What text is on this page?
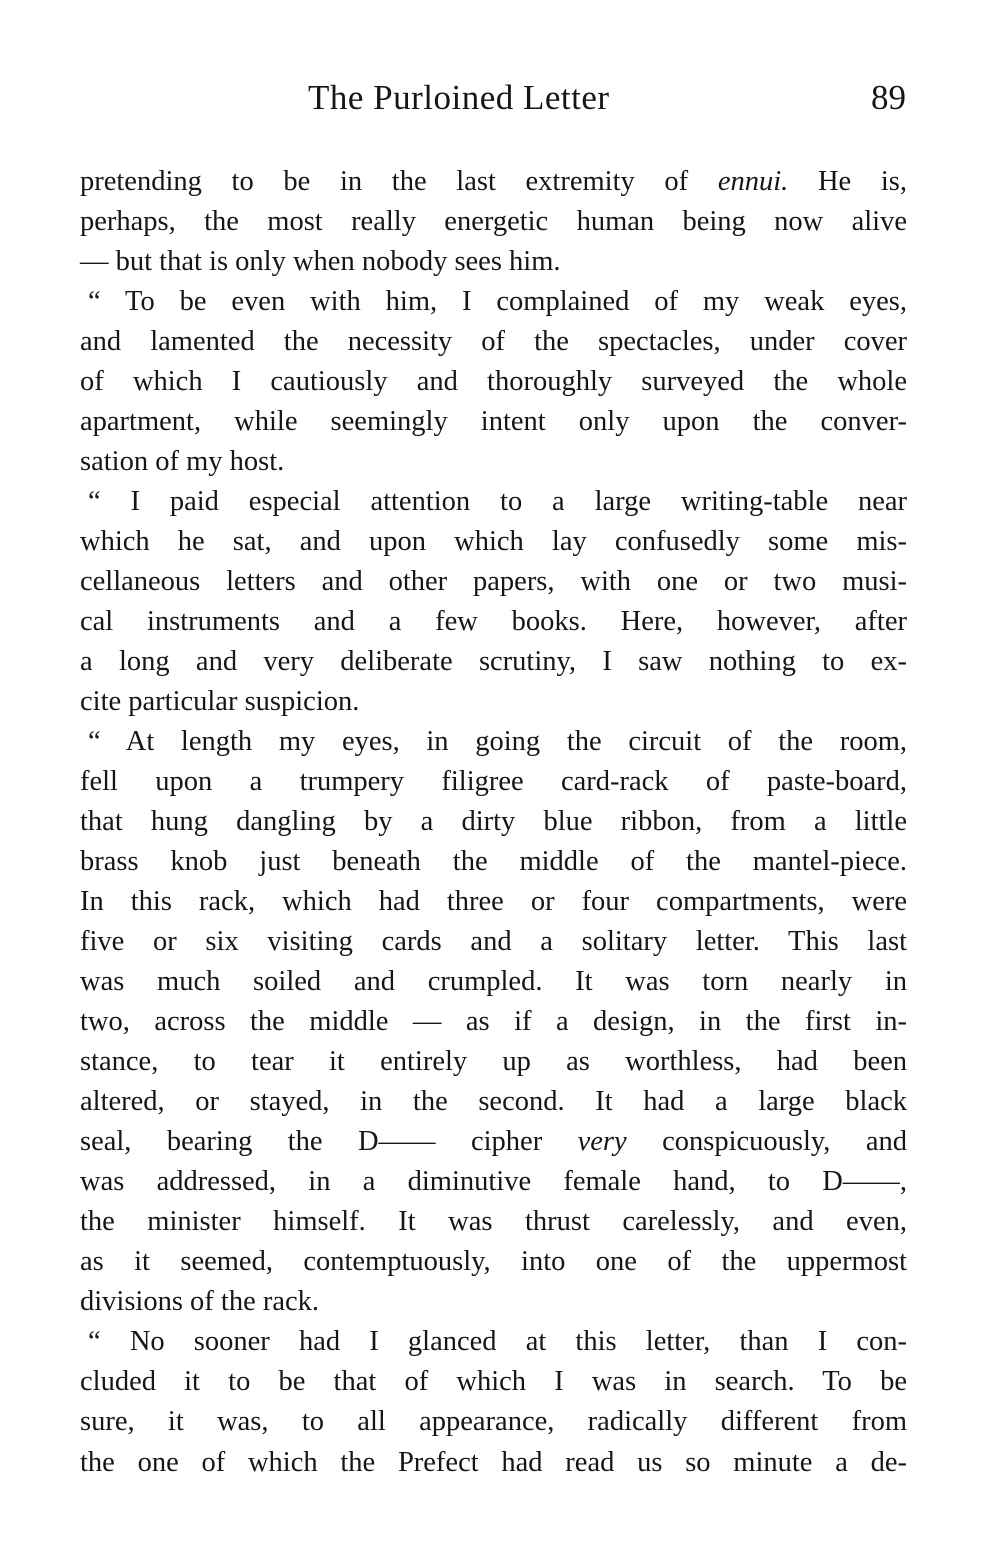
The Purloined Letter	89
pretending to be in the last extremity of ennui. He is,
perhaps, the most really energetic human being now alive
— but that is only when nobody sees him.
“ To be even with him, I complained of my weak eyes,
and lamented the necessity of the spectacles, under cover
of which I cautiously and thoroughly surveyed the whole
apartment, while seemingly intent only upon the conver-
sation of my host.
“ I paid especial attention to a large writing-table near
which he sat, and upon which lay confusedly some mis-
cellaneous letters and other papers, with one or two musi-
cal instruments and a few books. Here, however, after
a long and very deliberate scrutiny, I saw nothing to ex-
cite particular suspicion.
“ At length my eyes, in going the circuit of the room,
fell upon a trumpery filigree card-rack of paste-board,
that hung dangling by a dirty blue ribbon, from a little
brass knob just beneath the middle of the mantel-piece.
In this rack, which had three or four compartments, were
five or six visiting cards and a solitary letter. This last
was much soiled and crumpled. It was torn nearly in
two, across the middle — as if a design, in the first in-
stance, to tear it entirely up as worthless, had been
altered, or stayed, in the second. It had a large black
seal, bearing the D—— cipher very conspicuously, and
was addressed, in a diminutive female hand, to D——,
the minister himself. It was thrust carelessly, and even,
as it seemed, contemptuously, into one of the uppermost
divisions of the rack.
“ No sooner had I glanced at this letter, than I con-
cluded it to be that of which I was in search. To be
sure, it was, to all appearance, radically different from
the one of which the Prefect had read us so minute a de-
